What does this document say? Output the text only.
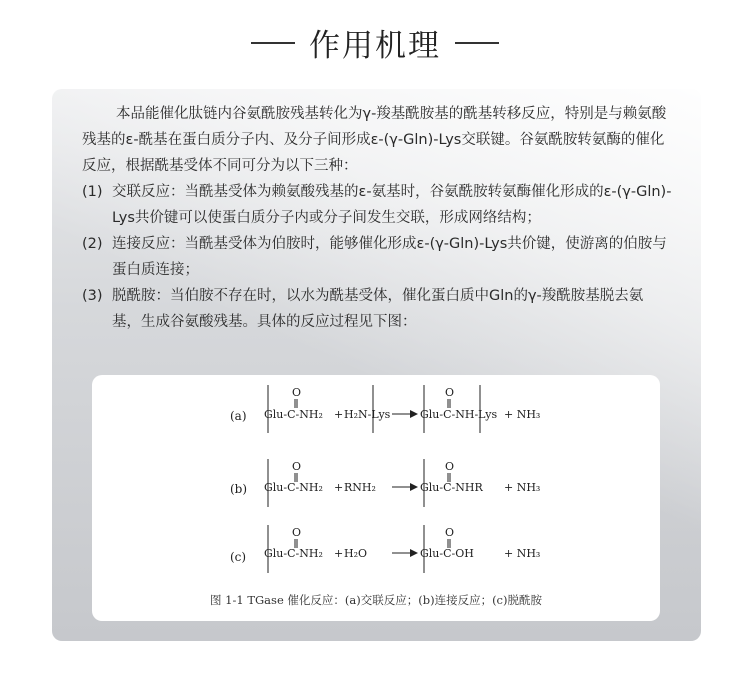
作用机理

本品能催化肽链内谷氨酰胺残基转化为γ-羧基酰胺基的酰基转移反应，特别是与赖氨酸残基的ε-酰基在蛋白质分子内、及分子间形成ε-(γ-Gln)-Lys交联键。谷氨酰胺转氨酶的催化反应，根据酰基受体不同可分为以下三种：

(1) 交联反应：当酰基受体为赖氨酸残基的ε-氨基时，谷氨酰胺转氨酶催化形成的ε-(γ-Gln)-Lys共价键可以使蛋白质分子内或分子间发生交联，形成网络结构；
(2) 连接反应：当酰基受体为伯胺时，能够催化形成ε-(γ-Gln)-Lys共价键，使游离的伯胺与蛋白质连接；
(3) 脱酰胺：当伯胺不存在时，以水为酰基受体，催化蛋白质中Gln的γ-羧酰胺基脱去氨基，生成谷氨酸残基。具体的反应过程见下图：
(a)
O
Glu-C-NH₂ + H₂N-Lys
O
Glu-C-NH-Lys + NH₃
(b)
O
Glu-C-NH₂ + RNH₂
O
Glu-C-NHR + NH₃
(c)
O
Glu-C-NH₂ + H₂O
O
Glu-C-OH	+ NH₃
图 1-1 TGase 催化反应：(a)交联反应；(b)连接反应；(c)脱酰胺
